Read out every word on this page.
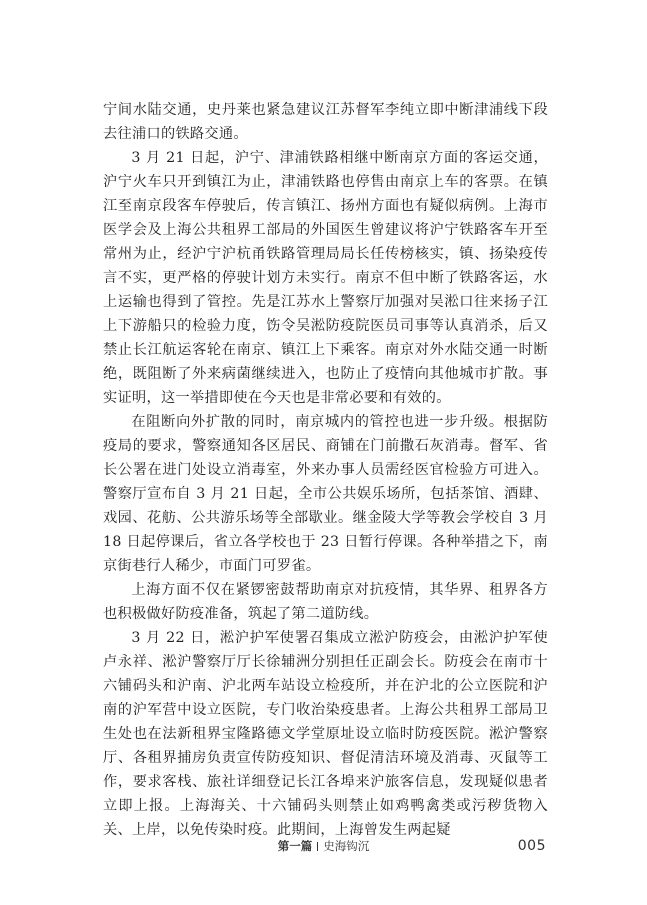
宁间水陆交通，史丹莱也紧急建议江苏督军李纯立即中断津浦线下段去往浦口的铁路交通。

3 月 21 日起，沪宁、津浦铁路相继中断南京方面的客运交通，沪宁火车只开到镇江为止，津浦铁路也停售由南京上车的客票。在镇江至南京段客车停驶后，传言镇江、扬州方面也有疑似病例。上海市医学会及上海公共租界工部局的外国医生曾建议将沪宁铁路客车开至常州为止，经沪宁沪杭甬铁路管理局局长任传榜核实，镇、扬染疫传言不实，更严格的停驶计划方未实行。南京不但中断了铁路客运，水上运输也得到了管控。先是江苏水上警察厅加强对吴淞口往来扬子江上下游船只的检验力度，饬令吴淞防疫院医员司事等认真消杀，后又禁止长江航运客轮在南京、镇江上下乘客。南京对外水陆交通一时断绝，既阻断了外来病菌继续进入，也防止了疫情向其他城市扩散。事实证明，这一举措即使在今天也是非常必要和有效的。

在阻断向外扩散的同时，南京城内的管控也进一步升级。根据防疫局的要求，警察通知各区居民、商铺在门前撒石灰消毒。督军、省长公署在进门处设立消毒室，外来办事人员需经医官检验方可进入。警察厅宣布自 3 月 21 日起，全市公共娱乐场所，包括茶馆、酒肆、戏园、花舫、公共游乐场等全部歇业。继金陵大学等教会学校自 3 月 18 日起停课后，省立各学校也于 23 日暂行停课。各种举措之下，南京街巷行人稀少，市面门可罗雀。

上海方面不仅在紧锣密鼓帮助南京对抗疫情，其华界、租界各方也积极做好防疫准备，筑起了第二道防线。

3 月 22 日，淞沪护军使署召集成立淞沪防疫会，由淞沪护军使卢永祥、淞沪警察厅厅长徐辅洲分别担任正副会长。防疫会在南市十六铺码头和沪南、沪北两车站设立检疫所，并在沪北的公立医院和沪南的沪军营中设立医院，专门收治染疫患者。上海公共租界工部局卫生处也在法新租界宝隆路德文学堂原址设立临时防疫医院。淞沪警察厅、各租界捕房负责宣传防疫知识、督促清洁环境及消毒、灭鼠等工作，要求客栈、旅社详细登记长江各埠来沪旅客信息，发现疑似患者立即上报。上海海关、十六铺码头则禁止如鸡鸭禽类或污秽货物入关、上岸，以免传染时疫。此期间，上海曾发生两起疑

第一篇 史海钩沉	005
